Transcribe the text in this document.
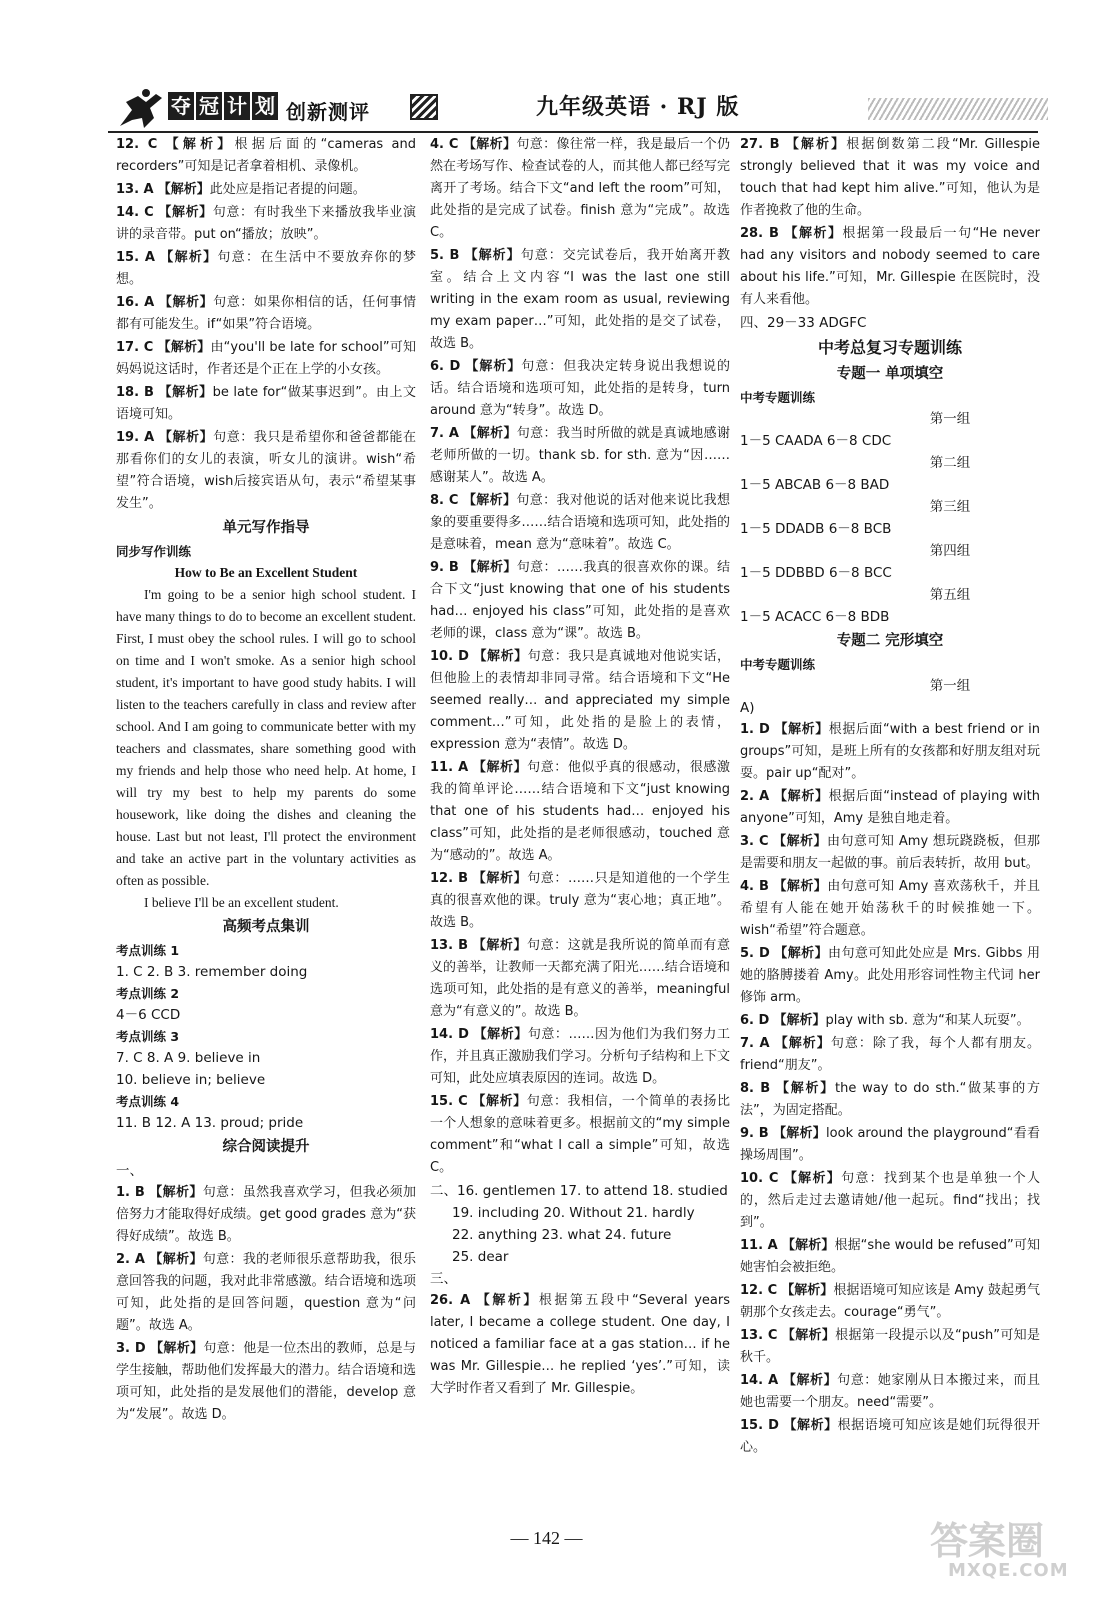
夺 冠 计 划 创新测评	九年级英语 · RJ 版
12. C 【解析】根据后面的“cameras and recorders”可知是记者拿着相机、录像机。
13. A 【解析】此处应是指记者提的问题。
14. C 【解析】句意：有时我坐下来播放我毕业演讲的录音带。put on“播放；放映”。
15. A 【解析】句意：在生活中不要放弃你的梦想。
16. A 【解析】句意：如果你相信的话，任何事情都有可能发生。if“如果”符合语境。
17. C 【解析】由“you'll be late for school”可知妈妈说这话时，作者还是个正在上学的小女孩。
18. B 【解析】be late for“做某事迟到”。由上文语境可知。
19. A 【解析】句意：我只是希望你和爸爸都能在那看你们的女儿的表演，听女儿的演讲。wish“希望”符合语境，wish后接宾语从句，表示“希望某事发生”。
单元写作指导
同步写作训练
How to Be an Excellent Student

I'm going to be a senior high school student. I have many things to do to become an excellent student. First, I must obey the school rules. I will go to school on time and I won't smoke. As a senior high school student, it's important to have good study habits. I will listen to the teachers carefully in class and review after school. And I am going to communicate better with my teachers and classmates, share something good with my friends and help those who need help. At home, I will try my best to help my parents do some housework, like doing the dishes and cleaning the house. Last but not least, I'll protect the environment and take an active part in the voluntary activities as often as possible.

I believe I'll be an excellent student.

高频考点集训
考点训练 1
1. C 2. B 3. remember doing
考点训练 2
4－6 CCD
考点训练 3
7. C 8. A 9. believe in
10. believe in; believe
考点训练 4
11. B 12. A 13. proud; pride
综合阅读提升
一、
1. B 【解析】句意：虽然我喜欢学习，但我必须加倍努力才能取得好成绩。get good grades 意为“获得好成绩”。故选 B。
2. A 【解析】句意：我的老师很乐意帮助我，很乐意回答我的问题，我对此非常感激。结合语境和选项可知，此处指的是回答问题，question 意为“问题”。故选 A。
3. D 【解析】句意：他是一位杰出的教师，总是与学生接触，帮助他们发挥最大的潜力。结合语境和选项可知，此处指的是发展他们的潜能，develop 意为“发展”。故选 D。
4. C 【解析】句意：像往常一样，我是最后一个仍然在考场写作、检查试卷的人，而其他人都已经写完离开了考场。结合下文“and left the room”可知，此处指的是完成了试卷。finish 意为“完成”。故选 C。
5. B 【解析】句意：交完试卷后，我开始离开教室。结合上文内容“I was the last one still writing in the exam room as usual, reviewing my exam paper…”可知，此处指的是交了试卷，故选 B。
6. D 【解析】句意：但我决定转身说出我想说的话。结合语境和选项可知，此处指的是转身，turn around 意为“转身”。故选 D。
7. A 【解析】句意：我当时所做的就是真诚地感谢老师所做的一切。thank sb. for sth. 意为“因……感谢某人”。故选 A。
8. C 【解析】句意：我对他说的话对他来说比我想象的要重要得多……结合语境和选项可知，此处指的是意味着，mean 意为“意味着”。故选 C。
9. B 【解析】句意：……我真的很喜欢你的课。结合下文“just knowing that one of his students had… enjoyed his class”可知，此处指的是喜欢老师的课，class 意为“课”。故选 B。
10. D 【解析】句意：我只是真诚地对他说实话，但他脸上的表情却非同寻常。结合语境和下文“He seemed really… and appreciated my simple comment…”可知，此处指的是脸上的表情，expression 意为“表情”。故选 D。
11. A 【解析】句意：他似乎真的很感动，很感激我的简单评论……结合语境和下文“just knowing that one of his students had… enjoyed his class”可知，此处指的是老师很感动，touched 意为“感动的”。故选 A。
12. B 【解析】句意：……只是知道他的一个学生真的很喜欢他的课。truly 意为“衷心地；真正地”。故选 B。
13. B 【解析】句意：这就是我所说的简单而有意义的善举，让教师一天都充满了阳光……结合语境和选项可知，此处指的是有意义的善举，meaningful 意为“有意义的”。故选 B。
14. D 【解析】句意：……因为他们为我们努力工作，并且真正激励我们学习。分析句子结构和上下文可知，此处应填表原因的连词。故选 D。
15. C 【解析】句意：我相信，一个简单的表扬比一个人想象的意味着更多。根据前文的“my simple comment”和“what I call a simple”可知，故选 C。
二、16. gentlemen 17. to attend 18. studied
19. including 20. Without 21. hardly
22. anything 23. what 24. future
25. dear
三、
26. A 【解析】根据第五段中“Several years later, I became a college student. One day, I noticed a familiar face at a gas station… if he was Mr. Gillespie… he replied ‘yes’.”可知，读大学时作者又看到了 Mr. Gillespie。
27. B 【解析】根据倒数第二段“Mr. Gillespie strongly believed that it was my voice and touch that had kept him alive.”可知，他认为是作者挽救了他的生命。
28. B 【解析】根据第一段最后一句“He never had any visitors and nobody seemed to care about his life.”可知，Mr. Gillespie 在医院时，没有人来看他。
四、29－33 ADGFC
中考总复习专题训练
专题一 单项填空
中考专题训练
第一组
1－5 CAADA 6－8 CDC
第二组
1－5 ABCAB 6－8 BAD
第三组
1－5 DDADB 6－8 BCB
第四组
1－5 DDBBD 6－8 BCC
第五组
1－5 ACACC 6－8 BDB
专题二 完形填空
中考专题训练
第一组
A)
1. D 【解析】根据后面“with a best friend or in groups”可知，是班上所有的女孩都和好朋友组对玩耍。pair up“配对”。
2. A 【解析】根据后面“instead of playing with anyone”可知，Amy 是独自地走着。
3. C 【解析】由句意可知 Amy 想玩跷跷板，但那是需要和朋友一起做的事。前后表转折，故用 but。
4. B 【解析】由句意可知 Amy 喜欢荡秋千，并且希望有人能在她开始荡秋千的时候推她一下。wish“希望”符合题意。
5. D 【解析】由句意可知此处应是 Mrs. Gibbs 用她的胳膊搂着 Amy。此处用形容词性物主代词 her 修饰 arm。
6. D 【解析】play with sb. 意为“和某人玩耍”。
7. A 【解析】句意：除了我，每个人都有朋友。friend“朋友”。
8. B 【解析】the way to do sth.“做某事的方法”，为固定搭配。
9. B 【解析】look around the playground“看看操场周围”。
10. C 【解析】句意：找到某个也是单独一个人的，然后走过去邀请她/他一起玩。find“找出；找到”。
11. A 【解析】根据“she would be refused”可知她害怕会被拒绝。
12. C 【解析】根据语境可知应该是 Amy 鼓起勇气朝那个女孩走去。courage“勇气”。
13. C 【解析】根据第一段提示以及“push”可知是秋千。
14. A 【解析】句意：她家刚从日本搬过来，而且她也需要一个朋友。need“需要”。
15. D 【解析】根据语境可知应该是她们玩得很开心。
— 142 —	答案圈
MXQE.COM
